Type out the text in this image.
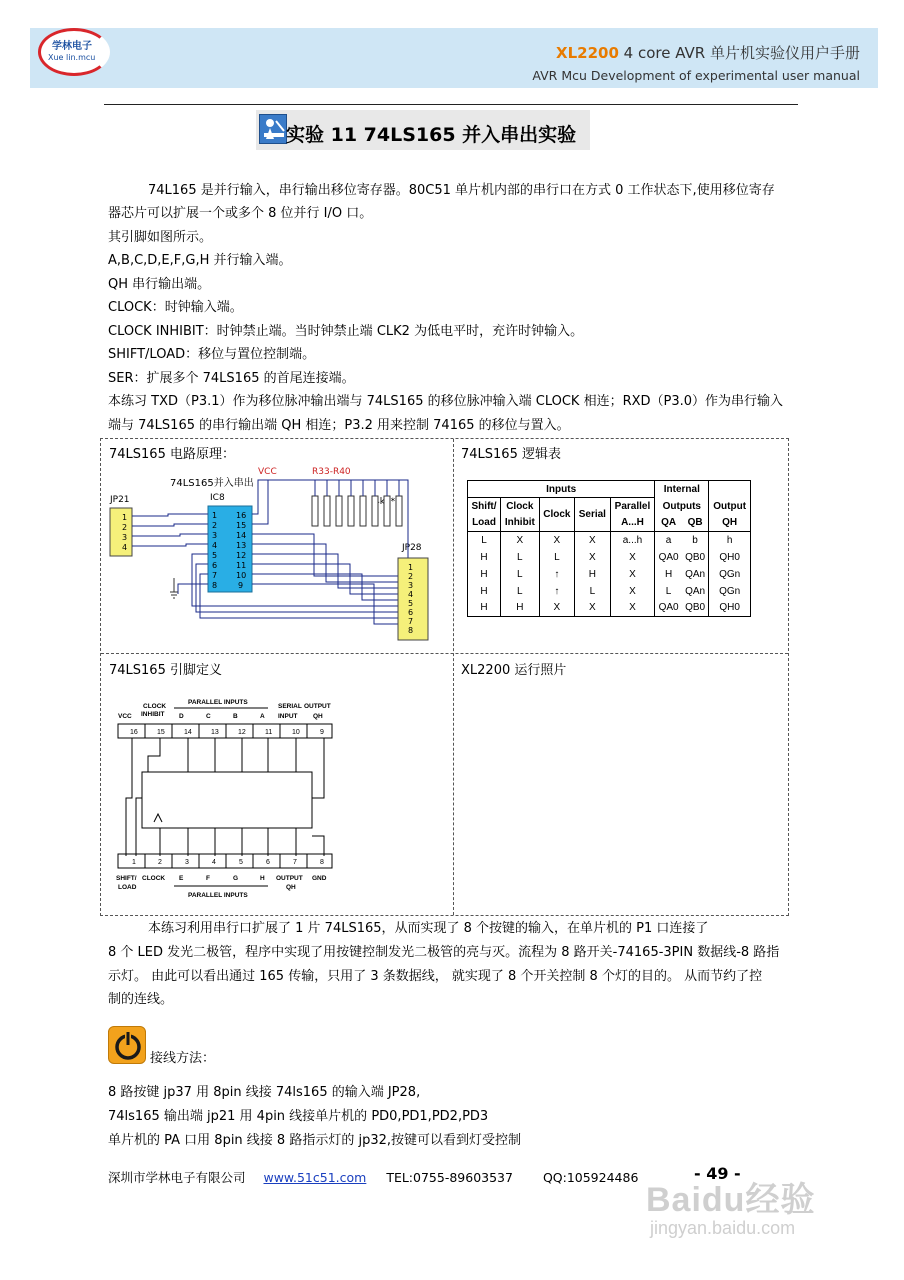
学林电子
Xue lin.mcu	XL2200 4 core AVR 单片机实验仪用户手册
AVR Mcu Development of experimental user manual
实验 11 74LS165 并入串出实验
74L165 是并行输入，串行输出移位寄存器。80C51 单片机内部的串行口在方式 0 工作状态下,使用移位寄存
器芯片可以扩展一个或多个 8 位并行 I/O 口。
其引脚如图所示。
A,B,C,D,E,F,G,H 并行输入端。
QH 串行输出端。
CLOCK：时钟输入端。
CLOCK INHIBIT：时钟禁止端。当时钟禁止端 CLK2 为低电平时，充许时钟输入。
SHIFT/LOAD：移位与置位控制端。
SER：扩展多个 74LS165 的首尾连接端。
本练习 TXD（P3.1）作为移位脉冲输出端与 74LS165 的移位脉冲输入端 CLOCK 相连；RXD（P3.0）作为串行输入
端与 74LS165 的串行输出端 QH 相连；P3.2 用来控制 74165 的移位与置入。
74LS165 电路原理：	74LS165 逻辑表
74LS165 引脚定义	XL2200 运行照片
74LS165并入串出
VCC	R33-R40
IC8
JP21
JP28
1
2
3
4
1
2
3
4
5
6
7
8
16
15
14
13
12
11
10
9
1
2
3
4
5
6
7
8
Inputs					Internal		
Shift/	Clock	Clock	Serial	Parallel	Outputs		Output
Load	Inhibit			A...H	QA	QB	QH
L	X	X	X	a...h	a	b	h
H	L	L	X	X	QA0	QB0	QH0
H	L	↑	H	X	H	QAn	QGn
H	L	↑	L	X	L	QAn	QGn
H	H	X	X	X	QA0	QB0	QH0
PARALLEL INPUTS
CLOCK
INHIBIT
VCC
SERIAL OUTPUT
INPUT QH
D	C	B	A
16	15	14	13	12	11	10	9
1	2	3	4	5	6	7	8
SHIFT/
LOAD
CLOCK E	F	G	H OUTPUT
QH
GND
PARALLEL INPUTS
本练习利用串行口扩展了 1 片 74LS165，从而实现了 8 个按键的输入，在单片机的 P1 口连接了
8 个 LED 发光二极管，程序中实现了用按键控制发光二极管的亮与灭。流程为 8 路开关-74165-3PIN 数据线-8 路指
示灯。 由此可以看出通过 165 传输，只用了 3 条数据线， 就实现了 8 个开关控制 8 个灯的目的。 从而节约了控
制的连线。
接线方法：
8 路按键 jp37 用 8pin 线接 74ls165 的输入端 JP28,
74ls165 输出端 jp21 用 4pin 线接单片机的 PD0,PD1,PD2,PD3
单片机的 PA 口用 8pin 线接 8 路指示灯的 jp32,按键可以看到灯受控制
深圳市学林电子有限公司 www.51c51.com TEL:0755-89603537 QQ:105924486	- 49 -
Baidu经验
jingyan.baidu.com
